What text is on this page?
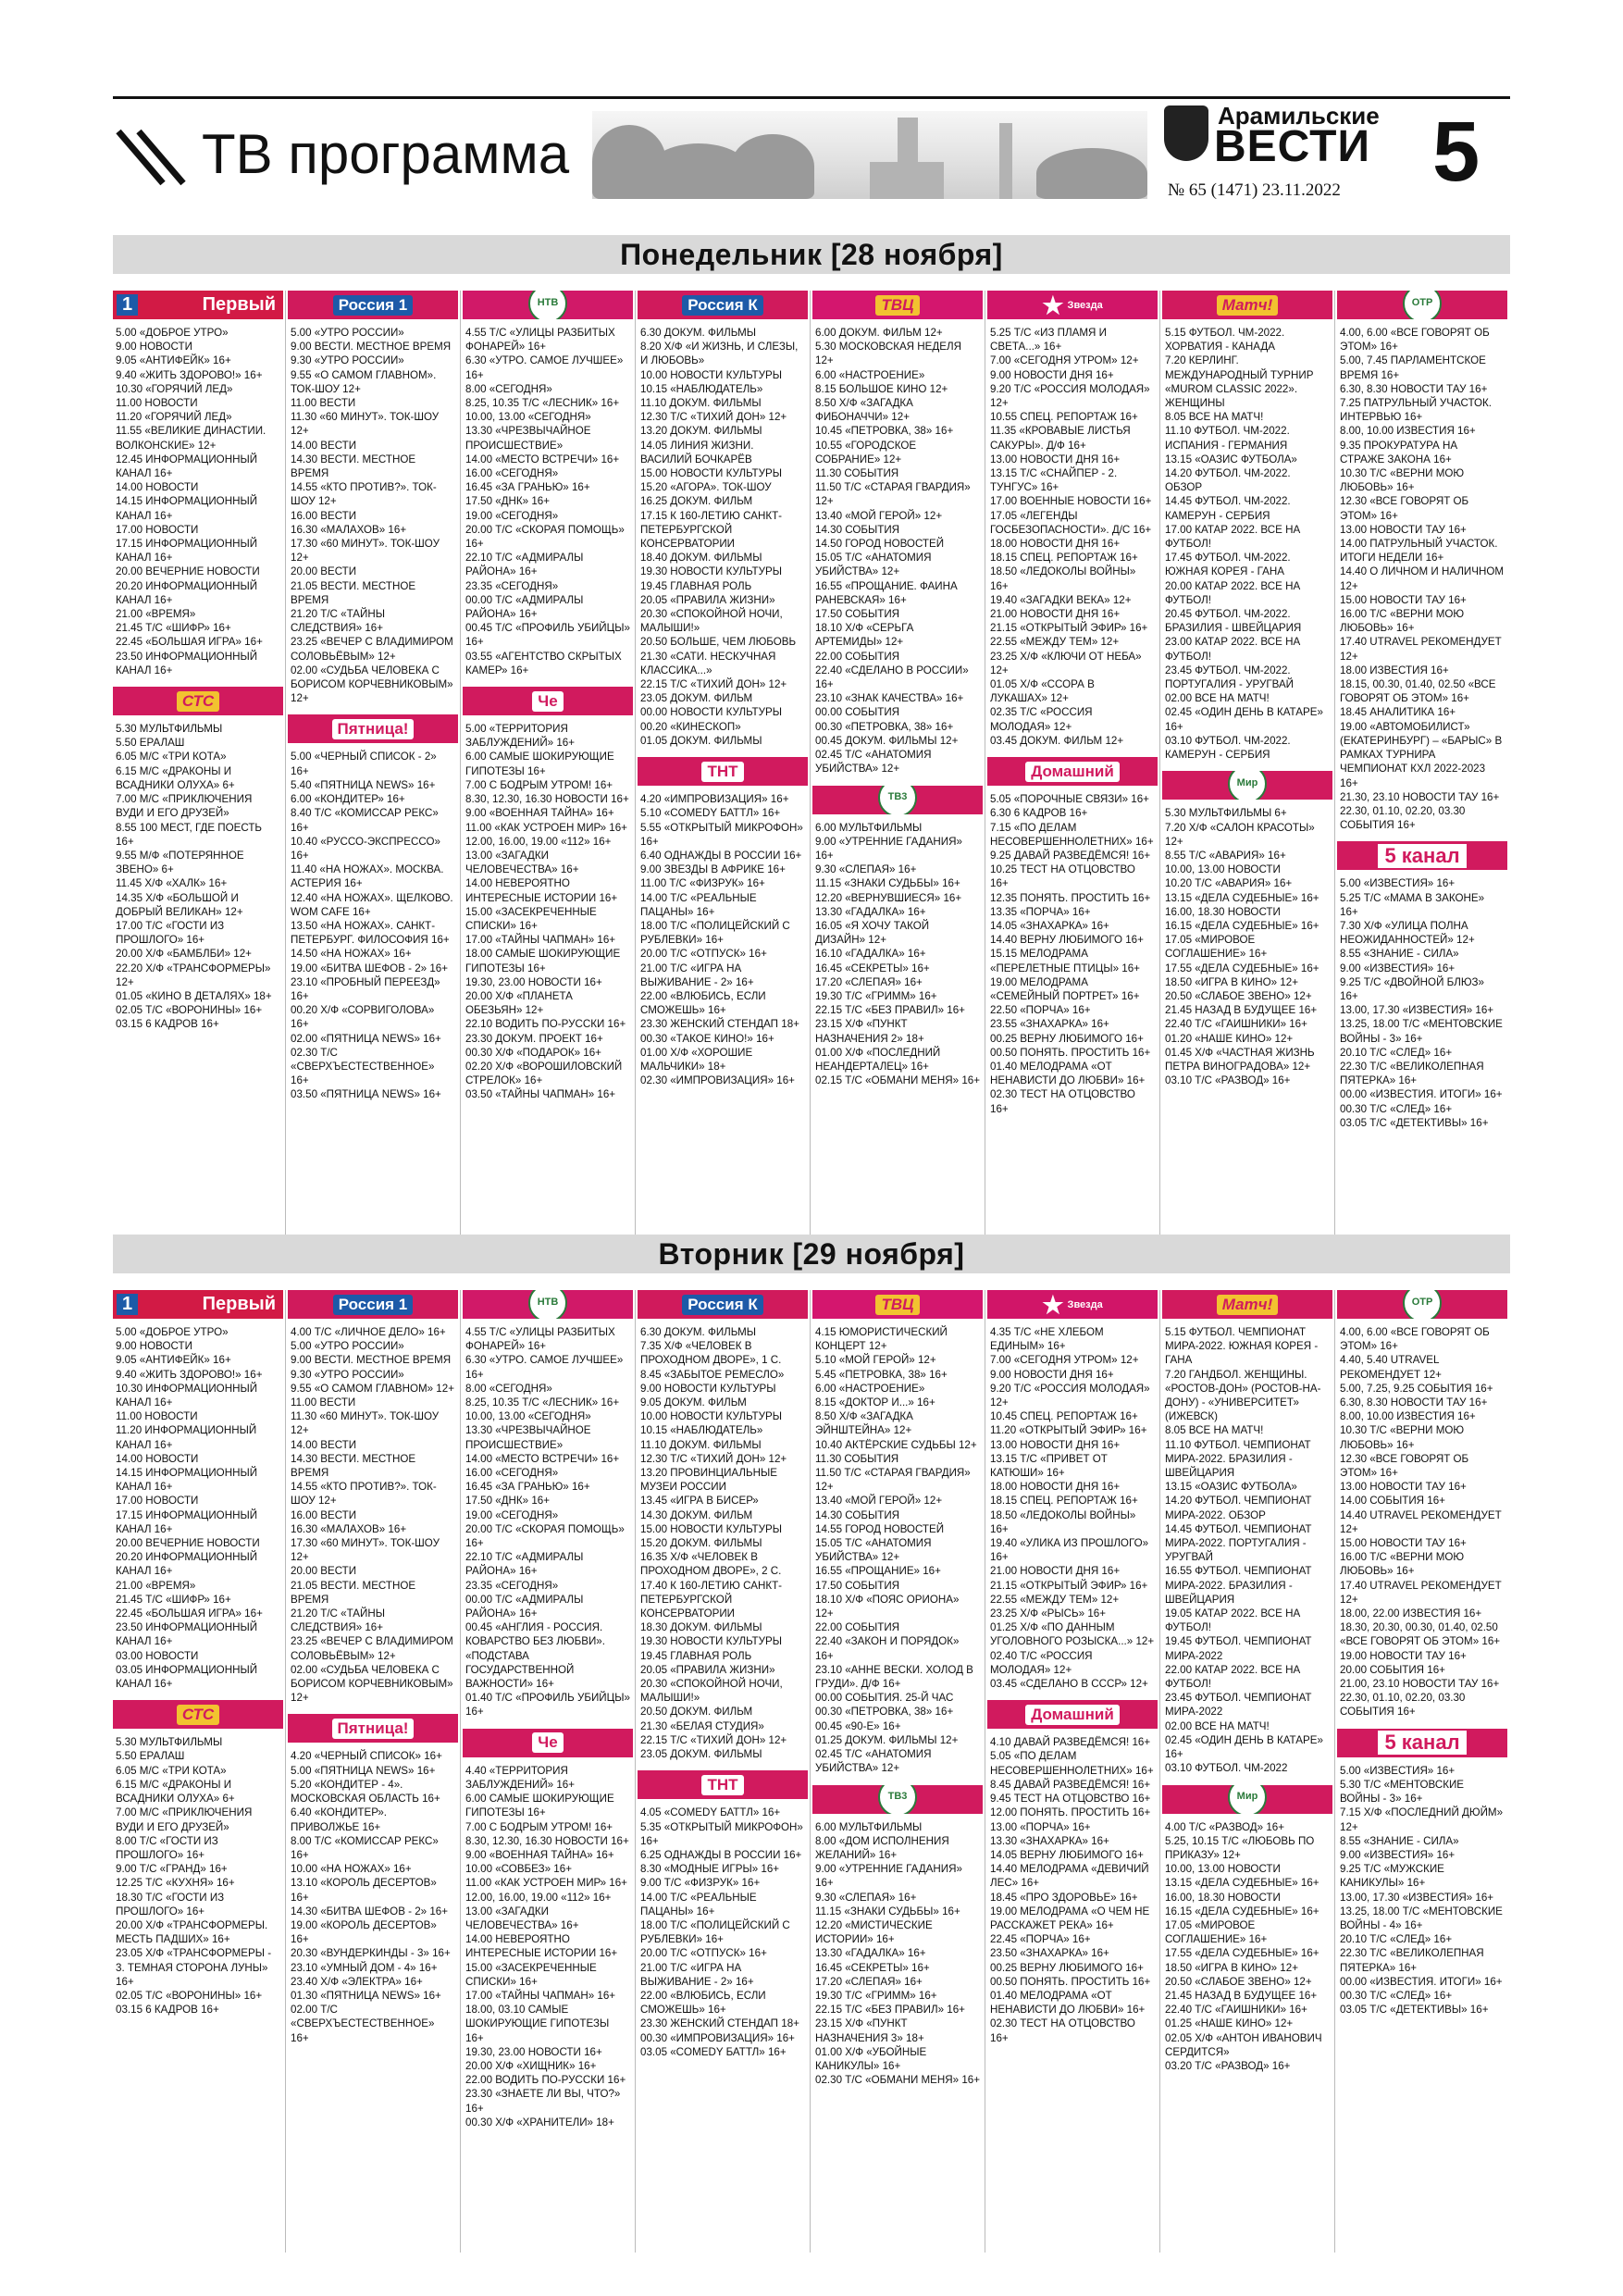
ТВ программа
Арамильские
ВЕСТИ
№ 65 (1471) 23.11.2022 5
Понедельник [28 ноября]
1	Первый
5.00 «ДОБРОЕ УТРО»
9.00 НОВОСТИ
9.05 «АНТИФЕЙК» 16+
9.40 «ЖИТЬ ЗДОРОВО!» 16+
10.30 «ГОРЯЧИЙ ЛЕД»
11.00 НОВОСТИ
11.20 «ГОРЯЧИЙ ЛЕД»
11.55 «ВЕЛИКИЕ ДИНАСТИИ. ВОЛКОНСКИЕ» 12+
12.45 ИНФОРМАЦИОННЫЙ КАНАЛ 16+
14.00 НОВОСТИ
14.15 ИНФОРМАЦИОННЫЙ КАНАЛ 16+
17.00 НОВОСТИ
17.15 ИНФОРМАЦИОННЫЙ КАНАЛ 16+
20.00 ВЕЧЕРНИЕ НОВОСТИ
20.20 ИНФОРМАЦИОННЫЙ КАНАЛ 16+
21.00 «ВРЕМЯ»
21.45 Т/С «ШИФР» 16+
22.45 «БОЛЬШАЯ ИГРА» 16+
23.50 ИНФОРМАЦИОННЫЙ КАНАЛ 16+
СТС
5.30 МУЛЬТФИЛЬМЫ
5.50 ЕРАЛАШ
6.05 М/С «ТРИ КОТА»
6.15 М/С «ДРАКОНЫ И ВСАДНИКИ ОЛУХА» 6+
7.00 М/С «ПРИКЛЮЧЕНИЯ ВУДИ И ЕГО ДРУЗЕЙ»
8.55 100 МЕСТ, ГДЕ ПОЕСТЬ 16+
9.55 М/Ф «ПОТЕРЯННОЕ ЗВЕНО» 6+
11.45 Х/Ф «ХАЛК» 16+
14.35 Х/Ф «БОЛЬШОЙ И ДОБРЫЙ ВЕЛИКАН» 12+
17.00 Т/С «ГОСТИ ИЗ ПРОШЛОГО» 16+
20.00 Х/Ф «БАМБЛБИ» 12+
22.20 Х/Ф «ТРАНСФОРМЕРЫ» 12+
01.05 «КИНО В ДЕТАЛЯХ» 18+
02.05 Т/С «ВОРОНИНЫ» 16+
03.15 6 КАДРОВ 16+
Россия 1
5.00 «УТРО РОССИИ»
9.00 ВЕСТИ. МЕСТНОЕ ВРЕМЯ
9.30 «УТРО РОССИИ»
9.55 «О САМОМ ГЛАВНОМ». ТОК-ШОУ 12+
11.00 ВЕСТИ
11.30 «60 МИНУТ». ТОК-ШОУ 12+
14.00 ВЕСТИ
14.30 ВЕСТИ. МЕСТНОЕ ВРЕМЯ
14.55 «КТО ПРОТИВ?». ТОК-ШОУ 12+
16.00 ВЕСТИ
16.30 «МАЛАХОВ» 16+
17.30 «60 МИНУТ». ТОК-ШОУ 12+
20.00 ВЕСТИ
21.05 ВЕСТИ. МЕСТНОЕ ВРЕМЯ
21.20 Т/С «ТАЙНЫ СЛЕДСТВИЯ» 16+
23.25 «ВЕЧЕР С ВЛАДИМИРОМ СОЛОВЬЁВЫМ» 12+
02.00 «СУДЬБА ЧЕЛОВЕКА С БОРИСОМ КОРЧЕВНИКОВЫМ» 12+
Пятница!
5.00 «ЧЕРНЫЙ СПИСОК - 2» 16+
5.40 «ПЯТНИЦА NEWS» 16+
6.00 «КОНДИТЕР» 16+
8.40 Т/С «КОМИССАР РЕКС» 16+
10.40 «РУССО-ЭКСПРЕССО» 16+
11.40 «НА НОЖАХ». МОСКВА. АСТЕРИЯ 16+
12.40 «НА НОЖАХ». ЩЕЛКОВО. WOM CAFE 16+
13.50 «НА НОЖАХ». САНКТ-ПЕТЕРБУРГ. ФИЛОСОФИЯ 16+
14.50 «НА НОЖАХ» 16+
19.00 «БИТВА ШЕФОВ - 2» 16+
23.10 «ПРОБНЫЙ ПЕРЕЕЗД» 16+
00.20 Х/Ф «СОРВИГОЛОВА» 16+
02.00 «ПЯТНИЦА NEWS» 16+
02.30 Т/С «СВЕРХЪЕСТЕСТВЕННОЕ» 16+
03.50 «ПЯТНИЦА NEWS» 16+
НТВ
4.55 Т/С «УЛИЦЫ РАЗБИТЫХ ФОНАРЕЙ» 16+
6.30 «УТРО. САМОЕ ЛУЧШЕЕ» 16+
8.00 «СЕГОДНЯ»
8.25, 10.35 Т/С «ЛЕСНИК» 16+
10.00, 13.00 «СЕГОДНЯ»
13.30 «ЧРЕЗВЫЧАЙНОЕ ПРОИСШЕСТВИЕ»
14.00 «МЕСТО ВСТРЕЧИ» 16+
16.00 «СЕГОДНЯ»
16.45 «ЗА ГРАНЬЮ» 16+
17.50 «ДНК» 16+
19.00 «СЕГОДНЯ»
20.00 Т/С «СКОРАЯ ПОМОЩЬ» 16+
22.10 Т/С «АДМИРАЛЫ РАЙОНА» 16+
23.35 «СЕГОДНЯ»
00.00 Т/С «АДМИРАЛЫ РАЙОНА» 16+
00.45 Т/С «ПРОФИЛЬ УБИЙЦЫ» 16+
03.55 «АГЕНТСТВО СКРЫТЫХ КАМЕР» 16+
Че
5.00 «ТЕРРИТОРИЯ ЗАБЛУЖДЕНИЙ» 16+
6.00 САМЫЕ ШОКИРУЮЩИЕ ГИПОТЕЗЫ 16+
7.00 С БОДРЫМ УТРОМ! 16+
8.30, 12.30, 16.30 НОВОСТИ 16+
9.00 «ВОЕННАЯ ТАЙНА» 16+
11.00 «КАК УСТРОЕН МИР» 16+
12.00, 16.00, 19.00 «112» 16+
13.00 «ЗАГАДКИ ЧЕЛОВЕЧЕСТВА» 16+
14.00 НЕВЕРОЯТНО ИНТЕРЕСНЫЕ ИСТОРИИ 16+
15.00 «ЗАСЕКРЕЧЕННЫЕ СПИСКИ» 16+
17.00 «ТАЙНЫ ЧАПМАН» 16+
18.00 САМЫЕ ШОКИРУЮЩИЕ ГИПОТЕЗЫ 16+
19.30, 23.00 НОВОСТИ 16+
20.00 Х/Ф «ПЛАНЕТА ОБЕЗЬЯН» 12+
22.10 ВОДИТЬ ПО-РУССКИ 16+
23.30 ДОКУМ. ПРОЕКТ 16+
00.30 Х/Ф «ПОДАРОК» 16+
02.20 Х/Ф «ВОРОШИЛОВСКИЙ СТРЕЛОК» 16+
03.50 «ТАЙНЫ ЧАПМАН» 16+
Россия К
6.30 ДОКУМ. ФИЛЬМЫ
8.20 Х/Ф «И ЖИЗНЬ, И СЛЕЗЫ, И ЛЮБОВЬ»
10.00 НОВОСТИ КУЛЬТУРЫ
10.15 «НАБЛЮДАТЕЛЬ»
11.10 ДОКУМ. ФИЛЬМЫ
12.30 Т/С «ТИХИЙ ДОН» 12+
13.20 ДОКУМ. ФИЛЬМЫ
14.05 ЛИНИЯ ЖИЗНИ. ВАСИЛИЙ БОЧКАРЁВ
15.00 НОВОСТИ КУЛЬТУРЫ
15.20 «АГОРА». ТОК-ШОУ
16.25 ДОКУМ. ФИЛЬМ
17.15 К 160-ЛЕТИЮ САНКТ-ПЕТЕРБУРГСКОЙ КОНСЕРВАТОРИИ
18.40 ДОКУМ. ФИЛЬМЫ
19.30 НОВОСТИ КУЛЬТУРЫ
19.45 ГЛАВНАЯ РОЛЬ
20.05 «ПРАВИЛА ЖИЗНИ»
20.30 «СПОКОЙНОЙ НОЧИ, МАЛЫШИ!»
20.50 БОЛЬШЕ, ЧЕМ ЛЮБОВЬ
21.30 «САТИ. НЕСКУЧНАЯ КЛАССИКА...»
22.15 Т/С «ТИХИЙ ДОН» 12+
23.05 ДОКУМ. ФИЛЬМ
00.00 НОВОСТИ КУЛЬТУРЫ
00.20 «КИНЕСКОП»
01.05 ДОКУМ. ФИЛЬМЫ
ТНТ
4.20 «ИМПРОВИЗАЦИЯ» 16+
5.10 «COMEDY БАТТЛ» 16+
5.55 «ОТКРЫТЫЙ МИКРОФОН» 16+
6.40 ОДНАЖДЫ В РОССИИ 16+
9.00 ЗВЕЗДЫ В АФРИКЕ 16+
11.00 Т/С «ФИЗРУК» 16+
14.00 Т/С «РЕАЛЬНЫЕ ПАЦАНЫ» 16+
18.00 Т/С «ПОЛИЦЕЙСКИЙ С РУБЛЕВКИ» 16+
20.00 Т/С «ОТПУСК» 16+
21.00 Т/С «ИГРА НА ВЫЖИВАНИЕ - 2» 16+
22.00 «ВЛЮБИСЬ, ЕСЛИ СМОЖЕШЬ» 16+
23.30 ЖЕНСКИЙ СТЕНДАП 18+
00.30 «ТАКОЕ КИНО!» 16+
01.00 Х/Ф «ХОРОШИЕ МАЛЬЧИКИ» 18+
02.30 «ИМПРОВИЗАЦИЯ» 16+
ТВЦ
6.00 ДОКУМ. ФИЛЬМ 12+
5.30 МОСКОВСКАЯ НЕДЕЛЯ 12+
6.00 «НАСТРОЕНИЕ»
8.15 БОЛЬШОЕ КИНО 12+
8.50 Х/Ф «ЗАГАДКА ФИБОНАЧЧИ» 12+
10.45 «ПЕТРОВКА, 38» 16+
10.55 «ГОРОДСКОЕ СОБРАНИЕ» 12+
11.30 СОБЫТИЯ
11.50 Т/С «СТАРАЯ ГВАРДИЯ» 12+
13.40 «МОЙ ГЕРОЙ» 12+
14.30 СОБЫТИЯ
14.50 ГОРОД НОВОСТЕЙ
15.05 Т/С «АНАТОМИЯ УБИЙСТВА» 12+
16.55 «ПРОЩАНИЕ. ФАИНА РАНЕВСКАЯ» 16+
17.50 СОБЫТИЯ
18.10 Х/Ф «СЕРЬГА АРТЕМИДЫ» 12+
22.00 СОБЫТИЯ
22.40 «СДЕЛАНО В РОССИИ» 16+
23.10 «ЗНАК КАЧЕСТВА» 16+
00.00 СОБЫТИЯ
00.30 «ПЕТРОВКА, 38» 16+
00.45 ДОКУМ. ФИЛЬМЫ 12+
02.45 Т/С «АНАТОМИЯ УБИЙСТВА» 12+
ТВ3
6.00 МУЛЬТФИЛЬМЫ
9.00 «УТРЕННИЕ ГАДАНИЯ» 16+
9.30 «СЛЕПАЯ» 16+
11.15 «ЗНАКИ СУДЬБЫ» 16+
12.20 «ВЕРНУВШИЕСЯ» 16+
13.30 «ГАДАЛКА» 16+
16.05 «Я ХОЧУ ТАКОЙ ДИЗАЙН» 12+
16.10 «ГАДАЛКА» 16+
16.45 «СЕКРЕТЫ» 16+
17.20 «СЛЕПАЯ» 16+
19.30 Т/С «ГРИММ» 16+
22.15 Т/С «БЕЗ ПРАВИЛ» 16+
23.15 Х/Ф «ПУНКТ НАЗНАЧЕНИЯ 2» 18+
01.00 Х/Ф «ПОСЛЕДНИЙ НЕАНДЕРТАЛЕЦ» 16+
02.15 Т/С «ОБМАНИ МЕНЯ» 16+
★ Звезда
5.25 Т/С «ИЗ ПЛАМЯ И СВЕТА...» 16+
7.00 «СЕГОДНЯ УТРОМ» 12+
9.00 НОВОСТИ ДНЯ 16+
9.20 Т/С «РОССИЯ МОЛОДАЯ» 12+
10.55 СПЕЦ. РЕПОРТАЖ 16+
11.35 «КРОВАВЫЕ ЛИСТЬЯ САКУРЫ». Д/Ф 16+
13.00 НОВОСТИ ДНЯ 16+
13.15 Т/С «СНАЙПЕР - 2. ТУНГУС» 16+
17.00 ВОЕННЫЕ НОВОСТИ 16+
17.05 «ЛЕГЕНДЫ ГОСБЕЗОПАСНОСТИ». Д/С 16+
18.00 НОВОСТИ ДНЯ 16+
18.15 СПЕЦ. РЕПОРТАЖ 16+
18.50 «ЛЕДОКОЛЫ ВОЙНЫ» 16+
19.40 «ЗАГАДКИ ВЕКА» 12+
21.00 НОВОСТИ ДНЯ 16+
21.15 «ОТКРЫТЫЙ ЭФИР» 16+
22.55 «МЕЖДУ ТЕМ» 12+
23.25 Х/Ф «КЛЮЧИ ОТ НЕБА» 12+
01.05 Х/Ф «ССОРА В ЛУКАШАХ» 12+
02.35 Т/С «РОССИЯ МОЛОДАЯ» 12+
03.45 ДОКУМ. ФИЛЬМ 12+
Домашний
5.05 «ПОРОЧНЫЕ СВЯЗИ» 16+
6.30 6 КАДРОВ 16+
7.15 «ПО ДЕЛАМ НЕСОВЕРШЕННОЛЕТНИХ» 16+
9.25 ДАВАЙ РАЗВЕДЁМСЯ! 16+
10.25 ТЕСТ НА ОТЦОВСТВО 16+
12.35 ПОНЯТЬ. ПРОСТИТЬ 16+
13.35 «ПОРЧА» 16+
14.05 «ЗНАХАРКА» 16+
14.40 ВЕРНУ ЛЮБИМОГО 16+
15.15 МЕЛОДРАМА «ПЕРЕЛЕТНЫЕ ПТИЦЫ» 16+
19.00 МЕЛОДРАМА «СЕМЕЙНЫЙ ПОРТРЕТ» 16+
22.50 «ПОРЧА» 16+
23.55 «ЗНАХАРКА» 16+
00.25 ВЕРНУ ЛЮБИМОГО 16+
00.50 ПОНЯТЬ. ПРОСТИТЬ 16+
01.40 МЕЛОДРАМА «ОТ НЕНАВИСТИ ДО ЛЮБВИ» 16+
02.30 ТЕСТ НА ОТЦОВСТВО 16+
Матч!
5.15 ФУТБОЛ. ЧМ-2022. ХОРВАТИЯ - КАНАДА
7.20 КЕРЛИНГ. МЕЖДУНАРОДНЫЙ ТУРНИР «MUROM CLASSIC 2022». ЖЕНЩИНЫ
8.05 ВСЕ НА МАТЧ!
11.10 ФУТБОЛ. ЧМ-2022. ИСПАНИЯ - ГЕРМАНИЯ
13.15 «ОАЗИС ФУТБОЛА»
14.20 ФУТБОЛ. ЧМ-2022. ОБЗОР
14.45 ФУТБОЛ. ЧМ-2022. КАМЕРУН - СЕРБИЯ
17.00 КАТАР 2022. ВСЕ НА ФУТБОЛ!
17.45 ФУТБОЛ. ЧМ-2022. ЮЖНАЯ КОРЕЯ - ГАНА
20.00 КАТАР 2022. ВСЕ НА ФУТБОЛ!
20.45 ФУТБОЛ. ЧМ-2022. БРАЗИЛИЯ - ШВЕЙЦАРИЯ
23.00 КАТАР 2022. ВСЕ НА ФУТБОЛ!
23.45 ФУТБОЛ. ЧМ-2022. ПОРТУГАЛИЯ - УРУГВАЙ
02.00 ВСЕ НА МАТЧ!
02.45 «ОДИН ДЕНЬ В КАТАРЕ» 16+
03.10 ФУТБОЛ. ЧМ-2022. КАМЕРУН - СЕРБИЯ
Мир
5.30 МУЛЬТФИЛЬМЫ 6+
7.20 Х/Ф «САЛОН КРАСОТЫ» 12+
8.55 Т/С «АВАРИЯ» 16+
10.00, 13.00 НОВОСТИ
10.20 Т/С «АВАРИЯ» 16+
13.15 «ДЕЛА СУДЕБНЫЕ» 16+
16.00, 18.30 НОВОСТИ
16.15 «ДЕЛА СУДЕБНЫЕ» 16+
17.05 «МИРОВОЕ СОГЛАШЕНИЕ» 16+
17.55 «ДЕЛА СУДЕБНЫЕ» 16+
18.50 «ИГРА В КИНО» 12+
20.50 «СЛАБОЕ ЗВЕНО» 12+
21.45 НАЗАД В БУДУЩЕЕ 16+
22.40 Т/С «ГАИШНИКИ» 16+
01.20 «НАШЕ КИНО» 12+
01.45 Х/Ф «ЧАСТНАЯ ЖИЗНЬ ПЕТРА ВИНОГРАДОВА» 12+
03.10 Т/С «РАЗВОД» 16+
ОТР
4.00, 6.00 «ВСЕ ГОВОРЯТ ОБ ЭТОМ» 16+
5.00, 7.45 ПАРЛАМЕНТСКОЕ ВРЕМЯ 16+
6.30, 8.30 НОВОСТИ ТАУ 16+
7.25 ПАТРУЛЬНЫЙ УЧАСТОК. ИНТЕРВЬЮ 16+
8.00, 10.00 ИЗВЕСТИЯ 16+
9.35 ПРОКУРАТУРА НА СТРАЖЕ ЗАКОНА 16+
10.30 Т/С «ВЕРНИ МОЮ ЛЮБОВЬ» 16+
12.30 «ВСЕ ГОВОРЯТ ОБ ЭТОМ» 16+
13.00 НОВОСТИ ТАУ 16+
14.00 ПАТРУЛЬНЫЙ УЧАСТОК. ИТОГИ НЕДЕЛИ 16+
14.40 О ЛИЧНОМ И НАЛИЧНОМ 12+
15.00 НОВОСТИ ТАУ 16+
16.00 Т/С «ВЕРНИ МОЮ ЛЮБОВЬ» 16+
17.40 UTRAVEL РЕКОМЕНДУЕТ 12+
18.00 ИЗВЕСТИЯ 16+
18.15, 00.30, 01.40, 02.50 «ВСЕ ГОВОРЯТ ОБ ЭТОМ» 16+
18.45 АНАЛИТИКА 16+
19.00 «АВТОМОБИЛИСТ» (ЕКАТЕРИНБУРГ) – «БАРЫС» В РАМКАХ ТУРНИРА ЧЕМПИОНАТ КХЛ 2022-2023 16+
21.30, 23.10 НОВОСТИ ТАУ 16+
22.30, 01.10, 02.20, 03.30 СОБЫТИЯ 16+
5 канал
5.00 «ИЗВЕСТИЯ» 16+
5.25 Т/С «МАМА В ЗАКОНЕ» 16+
7.30 Х/Ф «УЛИЦА ПОЛНА НЕОЖИДАННОСТЕЙ» 12+
8.55 «ЗНАНИЕ - СИЛА»
9.00 «ИЗВЕСТИЯ» 16+
9.25 Т/С «ДВОЙНОЙ БЛЮЗ» 16+
13.00, 17.30 «ИЗВЕСТИЯ» 16+
13.25, 18.00 Т/С «МЕНТОВСКИЕ ВОЙНЫ - 3» 16+
20.10 Т/С «СЛЕД» 16+
22.30 Т/С «ВЕЛИКОЛЕПНАЯ ПЯТЕРКА» 16+
00.00 «ИЗВЕСТИЯ. ИТОГИ» 16+
00.30 Т/С «СЛЕД» 16+
03.05 Т/С «ДЕТЕКТИВЫ» 16+
Вторник [29 ноября]
1	Первый
5.00 «ДОБРОЕ УТРО»
9.00 НОВОСТИ
9.05 «АНТИФЕЙК» 16+
9.40 «ЖИТЬ ЗДОРОВО!» 16+
10.30 ИНФОРМАЦИОННЫЙ КАНАЛ 16+
11.00 НОВОСТИ
11.20 ИНФОРМАЦИОННЫЙ КАНАЛ 16+
14.00 НОВОСТИ
14.15 ИНФОРМАЦИОННЫЙ КАНАЛ 16+
17.00 НОВОСТИ
17.15 ИНФОРМАЦИОННЫЙ КАНАЛ 16+
20.00 ВЕЧЕРНИЕ НОВОСТИ
20.20 ИНФОРМАЦИОННЫЙ КАНАЛ 16+
21.00 «ВРЕМЯ»
21.45 Т/С «ШИФР» 16+
22.45 «БОЛЬШАЯ ИГРА» 16+
23.50 ИНФОРМАЦИОННЫЙ КАНАЛ 16+
03.00 НОВОСТИ
03.05 ИНФОРМАЦИОННЫЙ КАНАЛ 16+
СТС
5.30 МУЛЬТФИЛЬМЫ
5.50 ЕРАЛАШ
6.05 М/С «ТРИ КОТА»
6.15 М/С «ДРАКОНЫ И ВСАДНИКИ ОЛУХА» 6+
7.00 М/С «ПРИКЛЮЧЕНИЯ ВУДИ И ЕГО ДРУЗЕЙ»
8.00 Т/С «ГОСТИ ИЗ ПРОШЛОГО» 16+
9.00 Т/С «ГРАНД» 16+
12.25 Т/С «КУХНЯ» 16+
18.30 Т/С «ГОСТИ ИЗ ПРОШЛОГО» 16+
20.00 Х/Ф «ТРАНСФОРМЕРЫ. МЕСТЬ ПАДШИХ» 16+
23.05 Х/Ф «ТРАНСФОРМЕРЫ - 3. ТЕМНАЯ СТОРОНА ЛУНЫ» 16+
02.05 Т/С «ВОРОНИНЫ» 16+
03.15 6 КАДРОВ 16+
Россия 1
4.00 Т/С «ЛИЧНОЕ ДЕЛО» 16+
5.00 «УТРО РОССИИ»
9.00 ВЕСТИ. МЕСТНОЕ ВРЕМЯ
9.30 «УТРО РОССИИ»
9.55 «О САМОМ ГЛАВНОМ» 12+
11.00 ВЕСТИ
11.30 «60 МИНУТ». ТОК-ШОУ 12+
14.00 ВЕСТИ
14.30 ВЕСТИ. МЕСТНОЕ ВРЕМЯ
14.55 «КТО ПРОТИВ?». ТОК-ШОУ 12+
16.00 ВЕСТИ
16.30 «МАЛАХОВ» 16+
17.30 «60 МИНУТ». ТОК-ШОУ 12+
20.00 ВЕСТИ
21.05 ВЕСТИ. МЕСТНОЕ ВРЕМЯ
21.20 Т/С «ТАЙНЫ СЛЕДСТВИЯ» 16+
23.25 «ВЕЧЕР С ВЛАДИМИРОМ СОЛОВЬЁВЫМ» 12+
02.00 «СУДЬБА ЧЕЛОВЕКА С БОРИСОМ КОРЧЕВНИКОВЫМ» 12+
Пятница!
4.20 «ЧЕРНЫЙ СПИСОК» 16+
5.00 «ПЯТНИЦА NEWS» 16+
5.20 «КОНДИТЕР - 4». МОСКОВСКАЯ ОБЛАСТЬ 16+
6.40 «КОНДИТЕР». ПРИВОЛЖЬЕ 16+
8.00 Т/С «КОМИССАР РЕКС» 16+
10.00 «НА НОЖАХ» 16+
13.10 «КОРОЛЬ ДЕСЕРТОВ» 16+
14.30 «БИТВА ШЕФОВ - 2» 16+
19.00 «КОРОЛЬ ДЕСЕРТОВ» 16+
20.30 «ВУНДЕРКИНДЫ - 3» 16+
23.10 «УМНЫЙ ДОМ - 4» 16+
23.40 Х/Ф «ЭЛЕКТРА» 16+
01.30 «ПЯТНИЦА NEWS» 16+
02.00 Т/С «СВЕРХЪЕСТЕСТВЕННОЕ» 16+
НТВ
4.55 Т/С «УЛИЦЫ РАЗБИТЫХ ФОНАРЕЙ» 16+
6.30 «УТРО. САМОЕ ЛУЧШЕЕ» 16+
8.00 «СЕГОДНЯ»
8.25, 10.35 Т/С «ЛЕСНИК» 16+
10.00, 13.00 «СЕГОДНЯ»
13.30 «ЧРЕЗВЫЧАЙНОЕ ПРОИСШЕСТВИЕ»
14.00 «МЕСТО ВСТРЕЧИ» 16+
16.00 «СЕГОДНЯ»
16.45 «ЗА ГРАНЬЮ» 16+
17.50 «ДНК» 16+
19.00 «СЕГОДНЯ»
20.00 Т/С «СКОРАЯ ПОМОЩЬ» 16+
22.10 Т/С «АДМИРАЛЫ РАЙОНА» 16+
23.35 «СЕГОДНЯ»
00.00 Т/С «АДМИРАЛЫ РАЙОНА» 16+
00.45 «АНГЛИЯ - РОССИЯ. КОВАРСТВО БЕЗ ЛЮБВИ». «ПОДСТАВА ГОСУДАРСТВЕННОЙ ВАЖНОСТИ» 16+
01.40 Т/С «ПРОФИЛЬ УБИЙЦЫ» 16+
Че
4.40 «ТЕРРИТОРИЯ ЗАБЛУЖДЕНИЙ» 16+
6.00 САМЫЕ ШОКИРУЮЩИЕ ГИПОТЕЗЫ 16+
7.00 С БОДРЫМ УТРОМ! 16+
8.30, 12.30, 16.30 НОВОСТИ 16+
9.00 «ВОЕННАЯ ТАЙНА» 16+
10.00 «СОВБЕЗ» 16+
11.00 «КАК УСТРОЕН МИР» 16+
12.00, 16.00, 19.00 «112» 16+
13.00 «ЗАГАДКИ ЧЕЛОВЕЧЕСТВА» 16+
14.00 НЕВЕРОЯТНО ИНТЕРЕСНЫЕ ИСТОРИИ 16+
15.00 «ЗАСЕКРЕЧЕННЫЕ СПИСКИ» 16+
17.00 «ТАЙНЫ ЧАПМАН» 16+
18.00, 03.10 САМЫЕ ШОКИРУЮЩИЕ ГИПОТЕЗЫ 16+
19.30, 23.00 НОВОСТИ 16+
20.00 Х/Ф «ХИЩНИК» 16+
22.00 ВОДИТЬ ПО-РУССКИ 16+
23.30 «ЗНАЕТЕ ЛИ ВЫ, ЧТО?» 16+
00.30 Х/Ф «ХРАНИТЕЛИ» 18+
Россия К
6.30 ДОКУМ. ФИЛЬМЫ
7.35 Х/Ф «ЧЕЛОВЕК В ПРОХОДНОМ ДВОРЕ», 1 С.
8.45 «ЗАБЫТОЕ РЕМЕСЛО»
9.00 НОВОСТИ КУЛЬТУРЫ
9.05 ДОКУМ. ФИЛЬМ
10.00 НОВОСТИ КУЛЬТУРЫ
10.15 «НАБЛЮДАТЕЛЬ»
11.10 ДОКУМ. ФИЛЬМЫ
12.30 Т/С «ТИХИЙ ДОН» 12+
13.20 ПРОВИНЦИАЛЬНЫЕ МУЗЕИ РОССИИ
13.45 «ИГРА В БИСЕР»
14.30 ДОКУМ. ФИЛЬМ
15.00 НОВОСТИ КУЛЬТУРЫ
15.20 ДОКУМ. ФИЛЬМЫ
16.35 Х/Ф «ЧЕЛОВЕК В ПРОХОДНОМ ДВОРЕ», 2 С.
17.40 К 160-ЛЕТИЮ САНКТ-ПЕТЕРБУРГСКОЙ КОНСЕРВАТОРИИ
18.30 ДОКУМ. ФИЛЬМЫ
19.30 НОВОСТИ КУЛЬТУРЫ
19.45 ГЛАВНАЯ РОЛЬ
20.05 «ПРАВИЛА ЖИЗНИ»
20.30 «СПОКОЙНОЙ НОЧИ, МАЛЫШИ!»
20.50 ДОКУМ. ФИЛЬМ
21.30 «БЕЛАЯ СТУДИЯ»
22.15 Т/С «ТИХИЙ ДОН» 12+
23.05 ДОКУМ. ФИЛЬМЫ
ТНТ
4.05 «COMEDY БАТТЛ» 16+
5.35 «ОТКРЫТЫЙ МИКРОФОН» 16+
6.25 ОДНАЖДЫ В РОССИИ 16+
8.30 «МОДНЫЕ ИГРЫ» 16+
9.00 Т/С «ФИЗРУК» 16+
14.00 Т/С «РЕАЛЬНЫЕ ПАЦАНЫ» 16+
18.00 Т/С «ПОЛИЦЕЙСКИЙ С РУБЛЕВКИ» 16+
20.00 Т/С «ОТПУСК» 16+
21.00 Т/С «ИГРА НА ВЫЖИВАНИЕ - 2» 16+
22.00 «ВЛЮБИСЬ, ЕСЛИ СМОЖЕШЬ» 16+
23.30 ЖЕНСКИЙ СТЕНДАП 18+
00.30 «ИМПРОВИЗАЦИЯ» 16+
03.05 «COMEDY БАТТЛ» 16+
ТВЦ
4.15 ЮМОРИСТИЧЕСКИЙ КОНЦЕРТ 12+
5.10 «МОЙ ГЕРОЙ» 12+
5.45 «ПЕТРОВКА, 38» 16+
6.00 «НАСТРОЕНИЕ»
8.15 «ДОКТОР И...» 16+
8.50 Х/Ф «ЗАГАДКА ЭЙНШТЕЙНА» 12+
10.40 АКТЁРСКИЕ СУДЬБЫ 12+
11.30 СОБЫТИЯ
11.50 Т/С «СТАРАЯ ГВАРДИЯ» 12+
13.40 «МОЙ ГЕРОЙ» 12+
14.30 СОБЫТИЯ
14.55 ГОРОД НОВОСТЕЙ
15.05 Т/С «АНАТОМИЯ УБИЙСТВА» 12+
16.55 «ПРОЩАНИЕ» 16+
17.50 СОБЫТИЯ
18.10 Х/Ф «ПОЯС ОРИОНА» 12+
22.00 СОБЫТИЯ
22.40 «ЗАКОН И ПОРЯДОК» 16+
23.10 «АННЕ ВЕСКИ. ХОЛОД В ГРУДИ». Д/Ф 16+
00.00 СОБЫТИЯ. 25-Й ЧАС
00.30 «ПЕТРОВКА, 38» 16+
00.45 «90-Е» 16+
01.25 ДОКУМ. ФИЛЬМЫ 12+
02.45 Т/С «АНАТОМИЯ УБИЙСТВА» 12+
ТВ3
6.00 МУЛЬТФИЛЬМЫ
8.00 «ДОМ ИСПОЛНЕНИЯ ЖЕЛАНИЙ» 16+
9.00 «УТРЕННИЕ ГАДАНИЯ» 16+
9.30 «СЛЕПАЯ» 16+
11.15 «ЗНАКИ СУДЬБЫ» 16+
12.20 «МИСТИЧЕСКИЕ ИСТОРИИ» 16+
13.30 «ГАДАЛКА» 16+
16.45 «СЕКРЕТЫ» 16+
17.20 «СЛЕПАЯ» 16+
19.30 Т/С «ГРИММ» 16+
22.15 Т/С «БЕЗ ПРАВИЛ» 16+
23.15 Х/Ф «ПУНКТ НАЗНАЧЕНИЯ 3» 18+
01.00 Х/Ф «УБОЙНЫЕ КАНИКУЛЫ» 16+
02.30 Т/С «ОБМАНИ МЕНЯ» 16+
★ Звезда
4.35 Т/С «НЕ ХЛЕБОМ ЕДИНЫМ» 16+
7.00 «СЕГОДНЯ УТРОМ» 12+
9.00 НОВОСТИ ДНЯ 16+
9.20 Т/С «РОССИЯ МОЛОДАЯ» 12+
10.45 СПЕЦ. РЕПОРТАЖ 16+
11.20 «ОТКРЫТЫЙ ЭФИР» 16+
13.00 НОВОСТИ ДНЯ 16+
13.15 Т/С «ПРИВЕТ ОТ КАТЮШИ» 16+
18.00 НОВОСТИ ДНЯ 16+
18.15 СПЕЦ. РЕПОРТАЖ 16+
18.50 «ЛЕДОКОЛЫ ВОЙНЫ» 16+
19.40 «УЛИКА ИЗ ПРОШЛОГО» 16+
21.00 НОВОСТИ ДНЯ 16+
21.15 «ОТКРЫТЫЙ ЭФИР» 16+
22.55 «МЕЖДУ ТЕМ» 12+
23.25 Х/Ф «РЫСЬ» 16+
01.25 Х/Ф «ПО ДАННЫМ УГОЛОВНОГО РОЗЫСКА...» 12+
02.40 Т/С «РОССИЯ МОЛОДАЯ» 12+
03.45 «СДЕЛАНО В СССР» 12+
Домашний
4.10 ДАВАЙ РАЗВЕДЁМСЯ! 16+
5.05 «ПО ДЕЛАМ НЕСОВЕРШЕННОЛЕТНИХ» 16+
8.45 ДАВАЙ РАЗВЕДЁМСЯ! 16+
9.45 ТЕСТ НА ОТЦОВСТВО 16+
12.00 ПОНЯТЬ. ПРОСТИТЬ 16+
13.00 «ПОРЧА» 16+
13.30 «ЗНАХАРКА» 16+
14.05 ВЕРНУ ЛЮБИМОГО 16+
14.40 МЕЛОДРАМА «ДЕВИЧИЙ ЛЕС» 16+
18.45 «ПРО ЗДОРОВЬЕ» 16+
19.00 МЕЛОДРАМА «О ЧЕМ НЕ РАССКАЖЕТ РЕКА» 16+
22.45 «ПОРЧА» 16+
23.50 «ЗНАХАРКА» 16+
00.25 ВЕРНУ ЛЮБИМОГО 16+
00.50 ПОНЯТЬ. ПРОСТИТЬ 16+
01.40 МЕЛОДРАМА «ОТ НЕНАВИСТИ ДО ЛЮБВИ» 16+
02.30 ТЕСТ НА ОТЦОВСТВО 16+
Матч!
5.15 ФУТБОЛ. ЧЕМПИОНАТ МИРА-2022. ЮЖНАЯ КОРЕЯ - ГАНА
7.20 ГАНДБОЛ. ЖЕНЩИНЫ. «РОСТОВ-ДОН» (РОСТОВ-НА-ДОНУ) - «УНИВЕРСИТЕТ» (ИЖЕВСК)
8.05 ВСЕ НА МАТЧ!
11.10 ФУТБОЛ. ЧЕМПИОНАТ МИРА-2022. БРАЗИЛИЯ - ШВЕЙЦАРИЯ
13.15 «ОАЗИС ФУТБОЛА»
14.20 ФУТБОЛ. ЧЕМПИОНАТ МИРА-2022. ОБЗОР
14.45 ФУТБОЛ. ЧЕМПИОНАТ МИРА-2022. ПОРТУГАЛИЯ - УРУГВАЙ
16.55 ФУТБОЛ. ЧЕМПИОНАТ МИРА-2022. БРАЗИЛИЯ - ШВЕЙЦАРИЯ
19.05 КАТАР 2022. ВСЕ НА ФУТБОЛ!
19.45 ФУТБОЛ. ЧЕМПИОНАТ МИРА-2022
22.00 КАТАР 2022. ВСЕ НА ФУТБОЛ!
23.45 ФУТБОЛ. ЧЕМПИОНАТ МИРА-2022
02.00 ВСЕ НА МАТЧ!
02.45 «ОДИН ДЕНЬ В КАТАРЕ» 16+
03.10 ФУТБОЛ. ЧМ-2022
Мир
4.00 Т/С «РАЗВОД» 16+
5.25, 10.15 Т/С «ЛЮБОВЬ ПО ПРИКАЗУ» 12+
10.00, 13.00 НОВОСТИ
13.15 «ДЕЛА СУДЕБНЫЕ» 16+
16.00, 18.30 НОВОСТИ
16.15 «ДЕЛА СУДЕБНЫЕ» 16+
17.05 «МИРОВОЕ СОГЛАШЕНИЕ» 16+
17.55 «ДЕЛА СУДЕБНЫЕ» 16+
18.50 «ИГРА В КИНО» 12+
20.50 «СЛАБОЕ ЗВЕНО» 12+
21.45 НАЗАД В БУДУЩЕЕ 16+
22.40 Т/С «ГАИШНИКИ» 16+
01.25 «НАШЕ КИНО» 12+
02.05 Х/Ф «АНТОН ИВАНОВИЧ СЕРДИТСЯ»
03.20 Т/С «РАЗВОД» 16+
ОТР
4.00, 6.00 «ВСЕ ГОВОРЯТ ОБ ЭТОМ» 16+
4.40, 5.40 UTRAVEL РЕКОМЕНДУЕТ 12+
5.00, 7.25, 9.25 СОБЫТИЯ 16+
6.30, 8.30 НОВОСТИ ТАУ 16+
8.00, 10.00 ИЗВЕСТИЯ 16+
10.30 Т/С «ВЕРНИ МОЮ ЛЮБОВЬ» 16+
12.30 «ВСЕ ГОВОРЯТ ОБ ЭТОМ» 16+
13.00 НОВОСТИ ТАУ 16+
14.00 СОБЫТИЯ 16+
14.40 UTRAVEL РЕКОМЕНДУЕТ 12+
15.00 НОВОСТИ ТАУ 16+
16.00 Т/С «ВЕРНИ МОЮ ЛЮБОВЬ» 16+
17.40 UTRAVEL РЕКОМЕНДУЕТ 12+
18.00, 22.00 ИЗВЕСТИЯ 16+
18.30, 20.30, 00.30, 01.40, 02.50 «ВСЕ ГОВОРЯТ ОБ ЭТОМ» 16+
19.00 НОВОСТИ ТАУ 16+
20.00 СОБЫТИЯ 16+
21.00, 23.10 НОВОСТИ ТАУ 16+
22.30, 01.10, 02.20, 03.30 СОБЫТИЯ 16+
5 канал
5.00 «ИЗВЕСТИЯ» 16+
5.30 Т/С «МЕНТОВСКИЕ ВОЙНЫ - 3» 16+
7.15 Х/Ф «ПОСЛЕДНИЙ ДЮЙМ» 12+
8.55 «ЗНАНИЕ - СИЛА»
9.00 «ИЗВЕСТИЯ» 16+
9.25 Т/С «МУЖСКИЕ КАНИКУЛЫ» 16+
13.00, 17.30 «ИЗВЕСТИЯ» 16+
13.25, 18.00 Т/С «МЕНТОВСКИЕ ВОЙНЫ - 4» 16+
20.10 Т/С «СЛЕД» 16+
22.30 Т/С «ВЕЛИКОЛЕПНАЯ ПЯТЕРКА» 16+
00.00 «ИЗВЕСТИЯ. ИТОГИ» 16+
00.30 Т/С «СЛЕД» 16+
03.05 Т/С «ДЕТЕКТИВЫ» 16+
